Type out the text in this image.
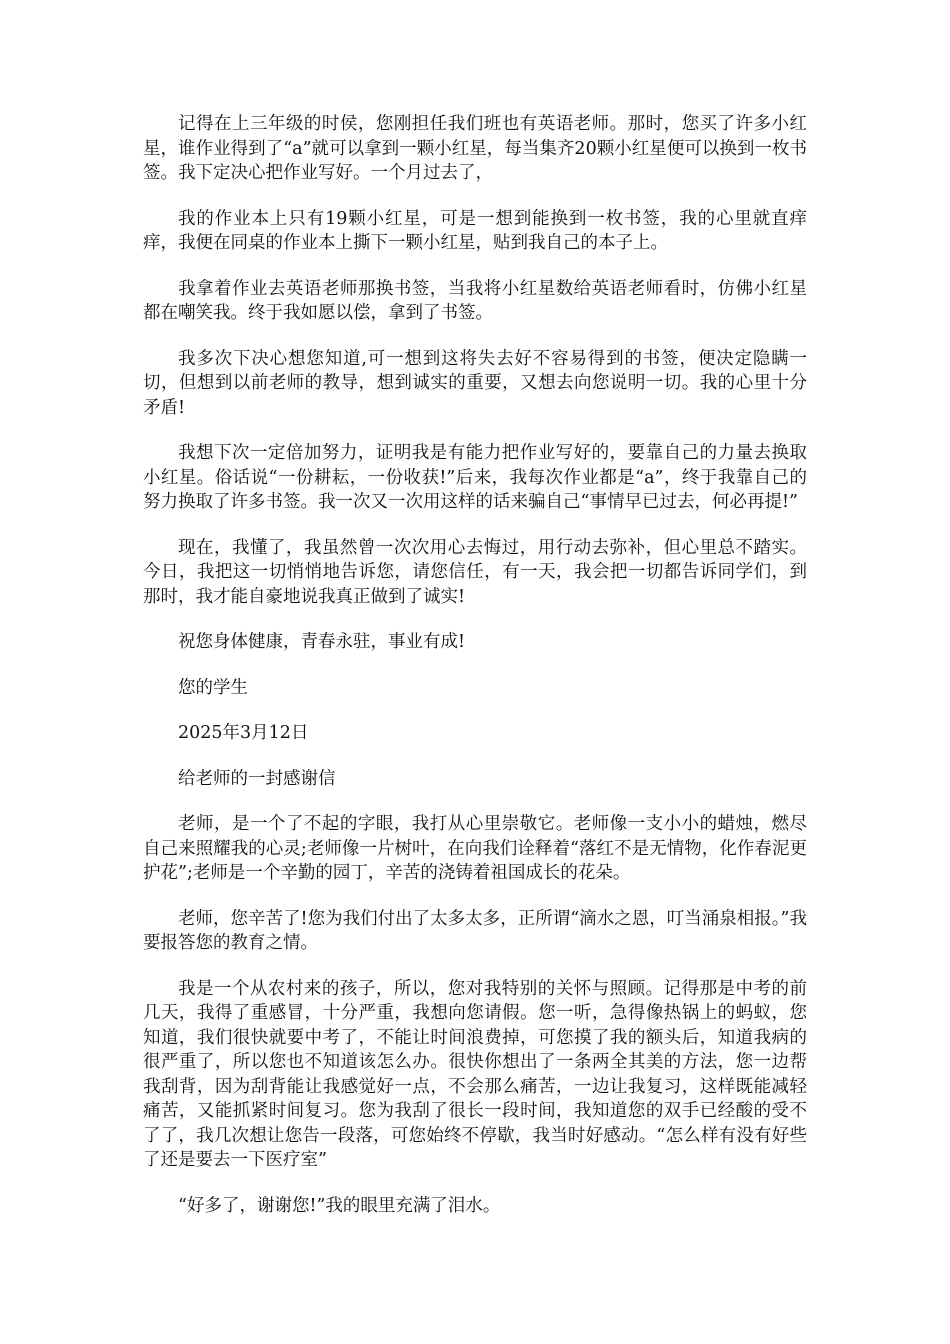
记得在上三年级的时侯，您刚担任我们班也有英语老师。那时，您买了许多小红星，谁作业得到了“a”就可以拿到一颗小红星，每当集齐20颗小红星便可以换到一枚书签。我下定决心把作业写好。一个月过去了，

我的作业本上只有19颗小红星，可是一想到能换到一枚书签，我的心里就直痒痒，我便在同桌的作业本上撕下一颗小红星，贴到我自己的本子上。

我拿着作业去英语老师那换书签，当我将小红星数给英语老师看时，仿佛小红星都在嘲笑我。终于我如愿以偿，拿到了书签。

我多次下决心想您知道,可一想到这将失去好不容易得到的书签，便决定隐瞒一切，但想到以前老师的教导，想到诚实的重要，又想去向您说明一切。我的心里十分矛盾!

我想下次一定倍加努力，证明我是有能力把作业写好的，要靠自己的力量去换取小红星。俗话说“一份耕耘，一份收获!”后来，我每次作业都是“a”，终于我靠自己的努力换取了许多书签。我一次又一次用这样的话来骗自己“事情早已过去，何必再提!”

现在，我懂了，我虽然曾一次次用心去悔过，用行动去弥补，但心里总不踏实。今日，我把这一切悄悄地告诉您，请您信任，有一天，我会把一切都告诉同学们，到那时，我才能自豪地说我真正做到了诚实!

祝您身体健康，青春永驻，事业有成!

您的学生

2025年3月12日

给老师的一封感谢信

老师，是一个了不起的字眼，我打从心里崇敬它。老师像一支小小的蜡烛，燃尽自己来照耀我的心灵;老师像一片树叶，在向我们诠释着“落红不是无情物，化作春泥更护花”;老师是一个辛勤的园丁，辛苦的浇铸着祖国成长的花朵。

老师，您辛苦了!您为我们付出了太多太多，正所谓“滴水之恩，叮当涌泉相报。”我要报答您的教育之情。

我是一个从农村来的孩子，所以，您对我特别的关怀与照顾。记得那是中考的前几天，我得了重感冒，十分严重，我想向您请假。您一听，急得像热锅上的蚂蚁，您知道，我们很快就要中考了，不能让时间浪费掉，可您摸了我的额头后，知道我病的很严重了，所以您也不知道该怎么办。很快你想出了一条两全其美的方法，您一边帮我刮背，因为刮背能让我感觉好一点，不会那么痛苦，一边让我复习，这样既能减轻痛苦，又能抓紧时间复习。您为我刮了很长一段时间，我知道您的双手已经酸的受不了了，我几次想让您告一段落，可您始终不停歇，我当时好感动。“怎么样有没有好些了还是要去一下医疗室”

“好多了，谢谢您!”我的眼里充满了泪水。
